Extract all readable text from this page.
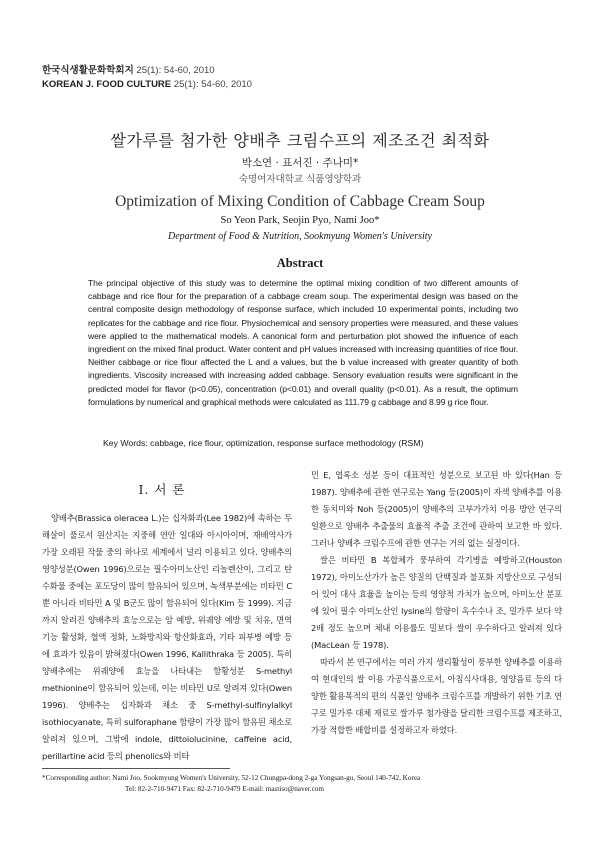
한국식생활문화학회지 25(1): 54-60, 2010
KOREAN J. FOOD CULTURE 25(1): 54-60, 2010
쌀가루를 첨가한 양배추 크림수프의 제조조건 최적화
박소연 · 표서진 · 주나미*
숙명여자대학교 식품영양학과
Optimization of Mixing Condition of Cabbage Cream Soup
So Yeon Park, Seojin Pyo, Nami Joo*
Department of Food & Nutrition, Sookmyung Women's University
Abstract

The principal objective of this study was to determine the optimal mixing condition of two different amounts of cabbage and rice flour for the preparation of a cabbage cream soup. The experimental design was based on the central composite design methodology of response surface, which included 10 experimental points, including two replicates for the cabbage and rice flour. Physiochemical and sensory properties were measured, and these values were applied to the mathematical models. A canonical form and perturbation plot showed the influence of each ingredient on the mixed final product. Water content and pH values increased with increasing quantities of rice flour. Neither cabbage or rice flour affected the L and a values, but the b value increased with greater quantity of both ingredients. Viscosity increased with increasing added cabbage. Sensory evaluation results were significant in the predicted model for flavor (p<0.05), concentration (p<0.01) and overall quality (p<0.01). As a result, the optimum formulations by numerical and graphical methods were calculated as 111.79 g cabbage and 8.99 g rice flour.

Key Words: cabbage, rice flour, optimization, response surface methodology (RSM)
I. 서 론

양배추(Brassica oleracea L.)는 십자화과(Lee 1982)에 속하는 두 해살이 풀로서 원산지는 지중해 연안 일대와 아시아이며, 재배역사가 가장 오래된 작물 중의 하나로 세계에서 널리 이용되고 있다. 양배추의 영양성분(Owen 1996)으로는 필수아미노산인 리놀렌산이, 그리고 탄수화물 중에는 포도당이 많이 함유되어 있으며, 녹색부분에는 비타민 C 뿐 아니라 비타민 A 및 B군도 많이 함유되어 있다(Kim 등 1999). 지금까지 알려진 양배추의 효능으로는 암 예방, 위궤양 예방 및 치유, 면역기능 활성화, 혈액 정화, 노화방지와 항산화효과, 기타 피부병 예방 등에 효과가 있음이 밝혀졌다(Owen 1996, Kallithraka 등 2005). 특히 양배추에는 위궤양에 효능을 나타내는 함황성분 S-methyl methionine이 함유되어 있는데, 이는 비타민 U로 알려져 있다(Owen 1996). 양배추는 십자화과 채소 중 S-methyl-sulfinylalkyl isothiocyanate, 특히 sulforaphane 함량이 가장 많이 함유된 채소로 알려져 있으며, 그밖에 indole, dittoiolucinine, caffeine acid, perillartine acid 등의 phenolics와 비타

민 E, 엽록소 성분 등이 대표적인 성분으로 보고된 바 있다(Han 등 1987). 양배추에 관한 연구로는 Yang 등(2005)이 자색 양배추를 이용한 동치미와 Noh 등(2005)이 양배추의 고부가가치 이용 방안 연구의 일환으로 양배추 추출물의 효율적 추출 조건에 관하여 보고한 바 있다. 그러나 양배추 크림수프에 관한 연구는 거의 없는 실정이다.

쌀은 비타민 B 복합체가 풍부하여 각기병을 예방하고(Houston 1972), 아미노산가가 높은 양질의 단백질과 불포화 지방산으로 구성되어 있어 대사 효율을 높이는 등의 영양적 가치가 높으며, 아미노산 분포에 있어 필수 아미노산인 lysine의 함량이 옥수수나 조, 밀가루 보다 약 2배 정도 높으며 체내 이용률도 밀보다 쌀이 우수하다고 알려져 있다(MacLean 등 1978).

따라서 본 연구에서는 여러 가지 생리활성이 풍부한 양배추를 이용하여 현대인의 쌀 이용 가공식품으로서, 아침식사대용, 영양음료 등의 다양한 활용목적의 편의 식품인 양배추 크림수프를 개발하기 위한 기초 연구로 밀가루 대체 재료로 쌀가루 첨가량을 달리한 크림수프를 제조하고, 가장 적합한 배합비를 설정하고자 하였다.

*Corresponding author: Nami Joo, Sookmyung Women's University, 52-12 Chungpa-dong 2-ga Yongsan-gu, Seoul 140-742, Korea
Tel: 82-2-710-9471 Fax: 82-2-710-9479 E-mail: mastiso@naver.com
